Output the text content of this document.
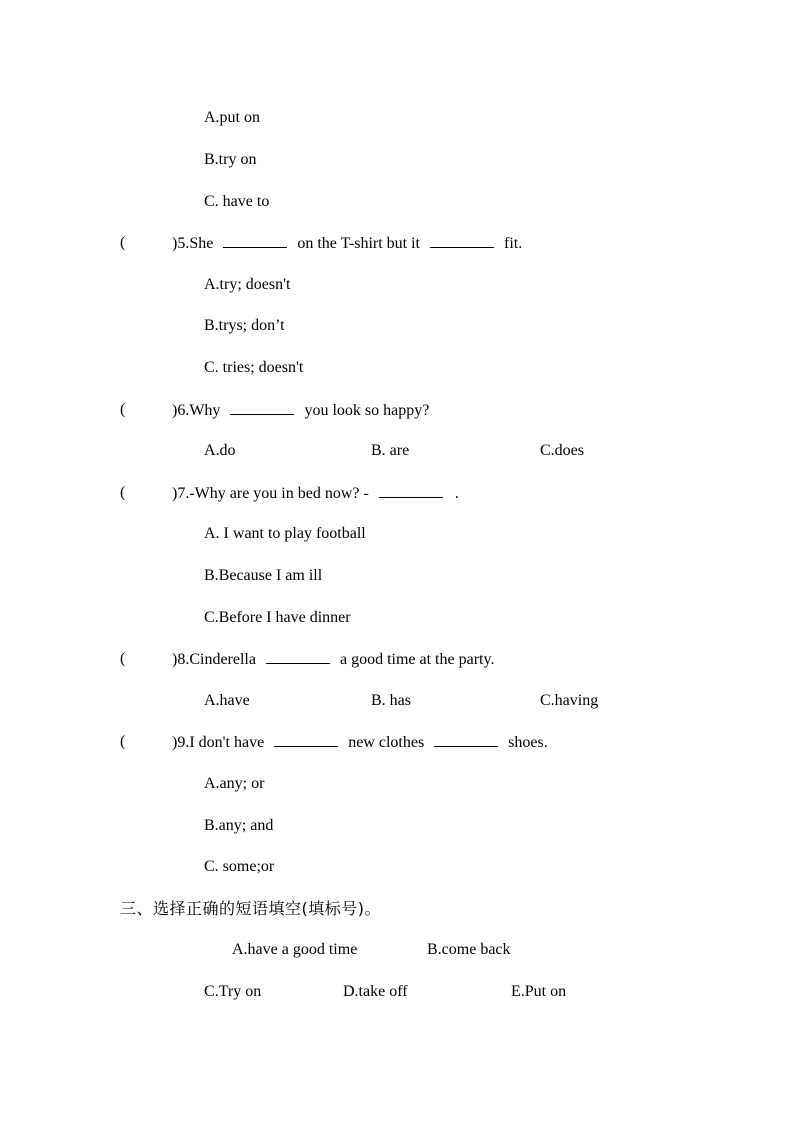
A.put on
B.try on
C. have to
(	)5.She	on the T-shirt but it	fit.
A.try; doesn't
B.trys; don’t
C. tries; doesn't
(	)6.Why	you look so happy?
A.do	B. are	C.does
(	)7.-Why are you in bed now? -	.
A. I want to play football
B.Because I am ill
C.Before I have dinner
(	)8.Cinderella	a good time at the party.
A.have	B. has	C.having
(	)9.I don't have	new clothes	shoes.
A.any; or
B.any; and
C. some;or
三、选择正确的短语填空(填标号)。
A.have a good time	B.come back
C.Try on	D.take off	E.Put on
